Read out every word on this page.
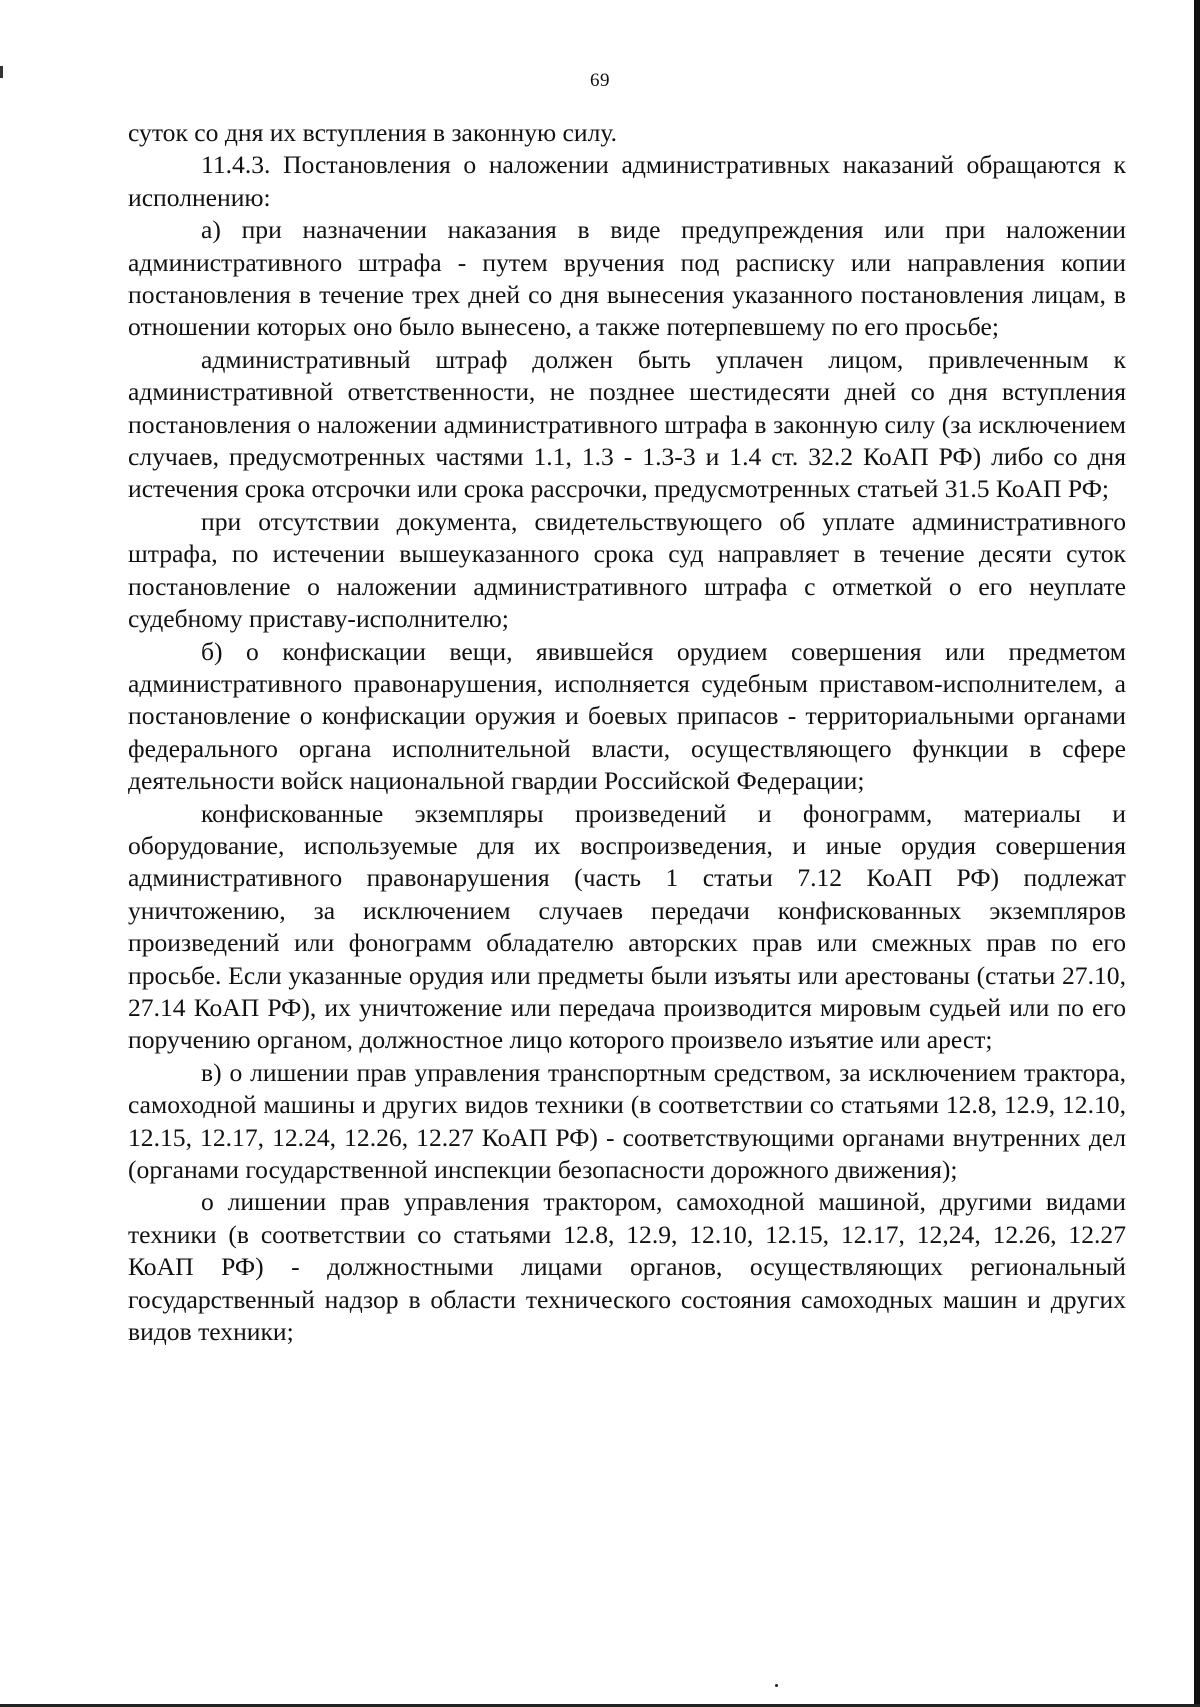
69

суток со дня их вступления в законную силу.

11.4.3. Постановления о наложении административных наказаний обращаются к исполнению:

а) при назначении наказания в виде предупреждения или при наложении административного штрафа - путем вручения под расписку или направления копии постановления в течение трех дней со дня вынесения указанного постановления лицам, в отношении которых оно было вынесено, а также потерпевшему по его просьбе;

административный штраф должен быть уплачен лицом, привлеченным к административной ответственности, не позднее шестидесяти дней со дня вступления постановления о наложении административного штрафа в законную силу (за исключением случаев, предусмотренных частями 1.1, 1.3 - 1.3-3 и 1.4 ст. 32.2 КоАП РФ) либо со дня истечения срока отсрочки или срока рассрочки, предусмотренных статьей 31.5 КоАП РФ;

при отсутствии документа, свидетельствующего об уплате административного штрафа, по истечении вышеуказанного срока суд направляет в течение десяти суток постановление о наложении административного штрафа с отметкой о его неуплате судебному приставу-исполнителю;

б) о конфискации вещи, явившейся орудием совершения или предметом административного правонарушения, исполняется судебным приставом-исполнителем, а постановление о конфискации оружия и боевых припасов - территориальными органами федерального органа исполнительной власти, осуществляющего функции в сфере деятельности войск национальной гвардии Российской Федерации;

конфискованные экземпляры произведений и фонограмм, материалы и оборудование, используемые для их воспроизведения, и иные орудия совершения административного правонарушения (часть 1 статьи 7.12 КоАП РФ) подлежат уничтожению, за исключением случаев передачи конфискованных экземпляров произведений или фонограмм обладателю авторских прав или смежных прав по его просьбе. Если указанные орудия или предметы были изъяты или арестованы (статьи 27.10, 27.14 КоАП РФ), их уничтожение или передача производится мировым судьей или по его поручению органом, должностное лицо которого произвело изъятие или арест;

в) о лишении прав управления транспортным средством, за исключением трактора, самоходной машины и других видов техники (в соответствии со статьями 12.8, 12.9, 12.10, 12.15, 12.17, 12.24, 12.26, 12.27 КоАП РФ) - соответствующими органами внутренних дел (органами государственной инспекции безопасности дорожного движения);

о лишении прав управления трактором, самоходной машиной, другими видами техники (в соответствии со статьями 12.8, 12.9, 12.10, 12.15, 12.17, 12,24, 12.26, 12.27 КоАП РФ) - должностными лицами органов, осуществляющих региональный государственный надзор в области технического состояния самоходных машин и других видов техники;
